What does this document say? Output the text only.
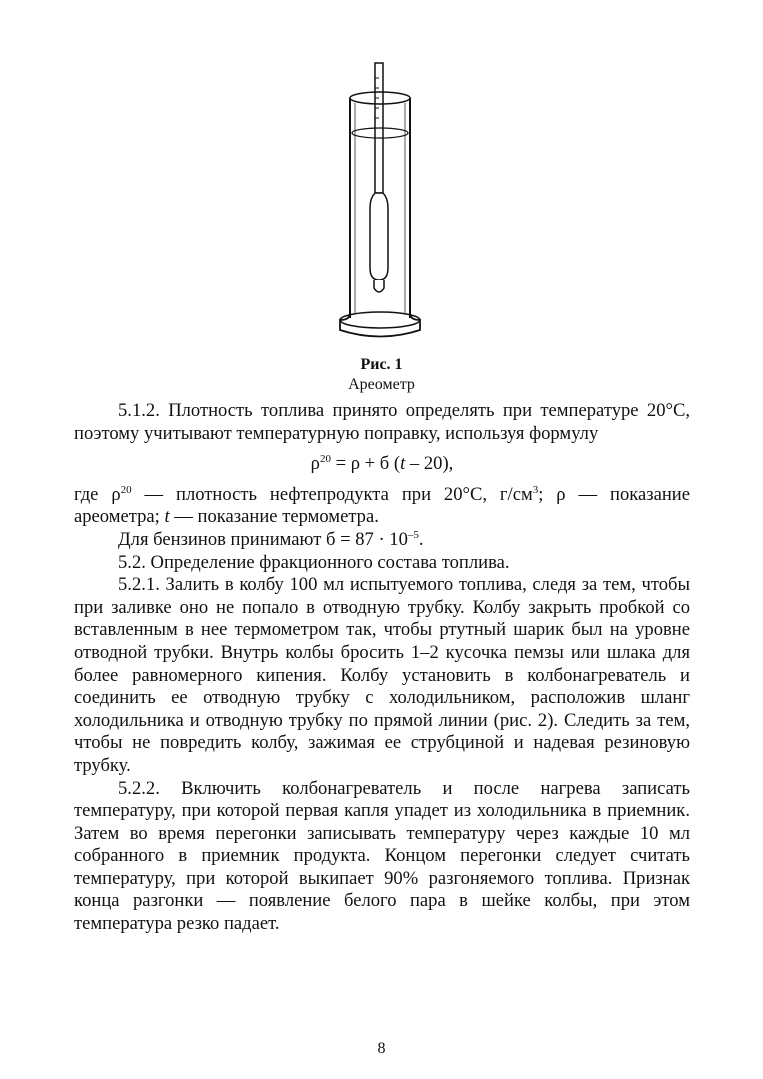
Рис. 1
Ареометр

5.1.2. Плотность топлива принято определять при температуре 20°С, поэтому учитывают температурную поправку, используя формулу

$\rho^{20} = \rho + б$ (t – 20),

где $\rho^{20}$ — плотность нефтепродукта при 20°С, $г/см^3$; ρ — показание ареометра; t — показание термометра.

Для бензинов принимают $б = 87 \cdot 10^{-5}$.

5.2. Определение фракционного состава топлива.

5.2.1. Залить в колбу 100 мл испытуемого топлива, следя за тем, чтобы при заливке оно не попало в отводную трубку. Колбу закрыть пробкой со вставленным в нее термометром так, чтобы ртутный шарик был на уровне отводной трубки. Внутрь колбы бросить 1–2 кусочка пемзы или шлака для более равномерного кипения. Колбу установить в колбонагреватель и соединить ее отводную трубку с холодильником, расположив шланг холодильника и отводную трубку по прямой линии (рис. 2). Следить за тем, чтобы не повредить колбу, зажимая ее струбциной и надевая резиновую трубку.

5.2.2. Включить колбонагреватель и после нагрева записать температуру, при которой первая капля упадет из холодильника в приемник. Затем во время перегонки записывать температуру через каждые 10 мл собранного в приемник продукта. Концом перегонки следует считать температуру, при которой выкипает 90% разгоняемого топлива. Признак конца разгонки — появление белого пара в шейке колбы, при этом температура резко падает.

8
